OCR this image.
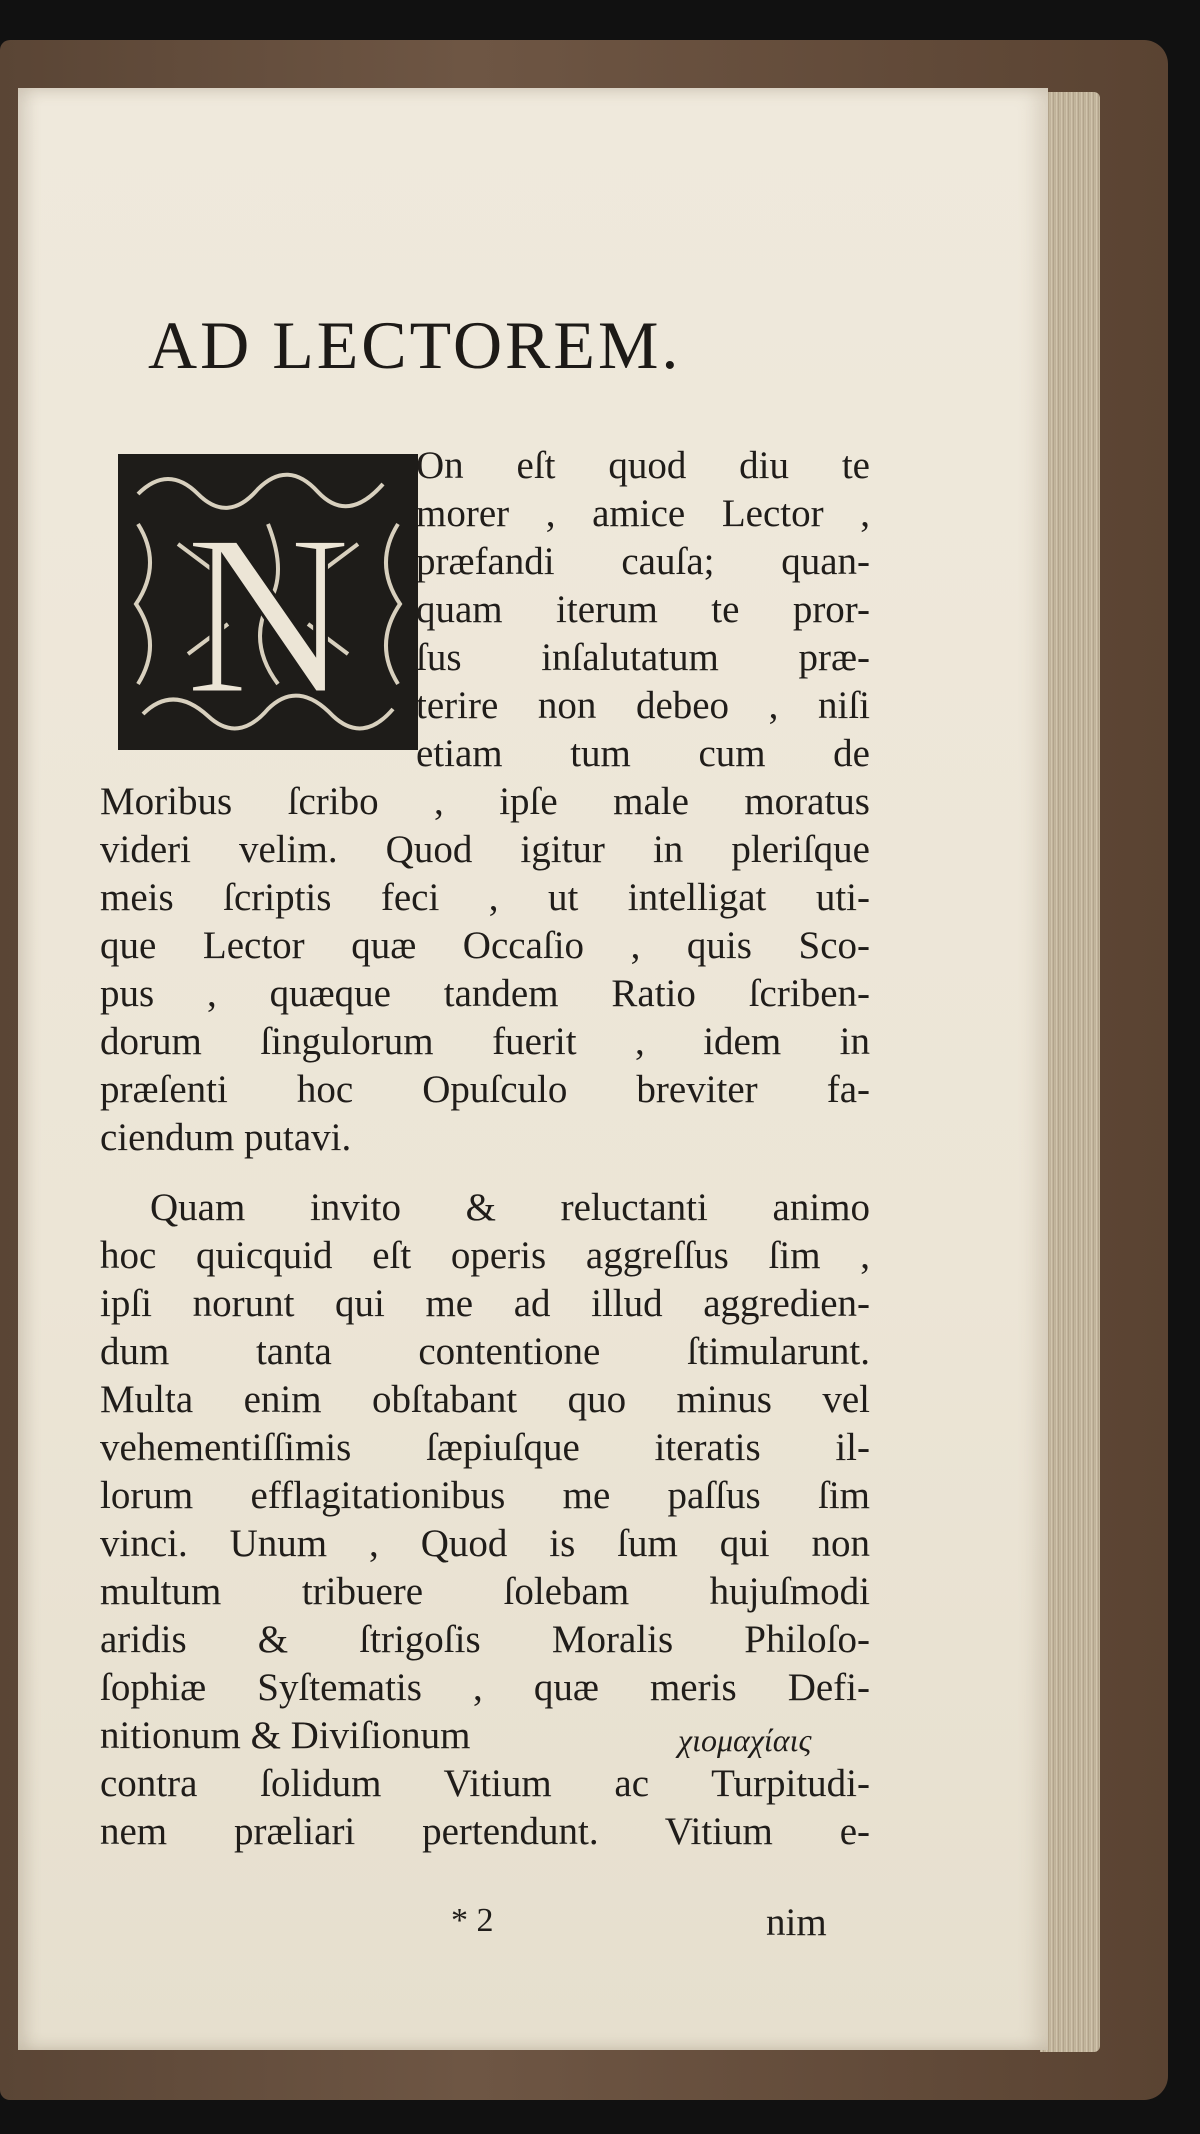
AD LECTOREM.
N

On eſt quod diu te

morer , amice Lector ,

præfandi cauſa; quan-

quam iterum te pror-

ſus inſalutatum præ-

terire non debeo , niſi

etiam tum cum de

Moribus ſcribo , ipſe male moratus

videri velim. Quod igitur in pleriſque

meis ſcriptis feci , ut intelligat uti-

que Lector quæ Occaſio , quis Sco-

pus , quæque tandem Ratio ſcriben-

dorum ſingulorum fuerit , idem in

præſenti hoc Opuſculo breviter fa-

ciendum putavi.

Quam invito & reluctanti animo

hoc quicquid eſt operis aggreſſus ſim ,

ipſi norunt qui me ad illud aggredien-

dum tanta contentione ſtimularunt.

Multa enim obſtabant quo minus vel

vehementiſſimis ſæpiuſque iteratis il-

lorum efflagitationibus me paſſus ſim

vinci. Unum , Quod is ſum qui non

multum tribuere ſolebam hujuſmodi

aridis & ſtrigoſis Moralis Philoſo-

ſophiæ Syſtematis , quæ meris Defi-

nitionum & Diviſionum	χιομαχίαις

contra ſolidum Vitium ac Turpitudi-

nem præliari pertendunt. Vitium e-

* 2	nim
